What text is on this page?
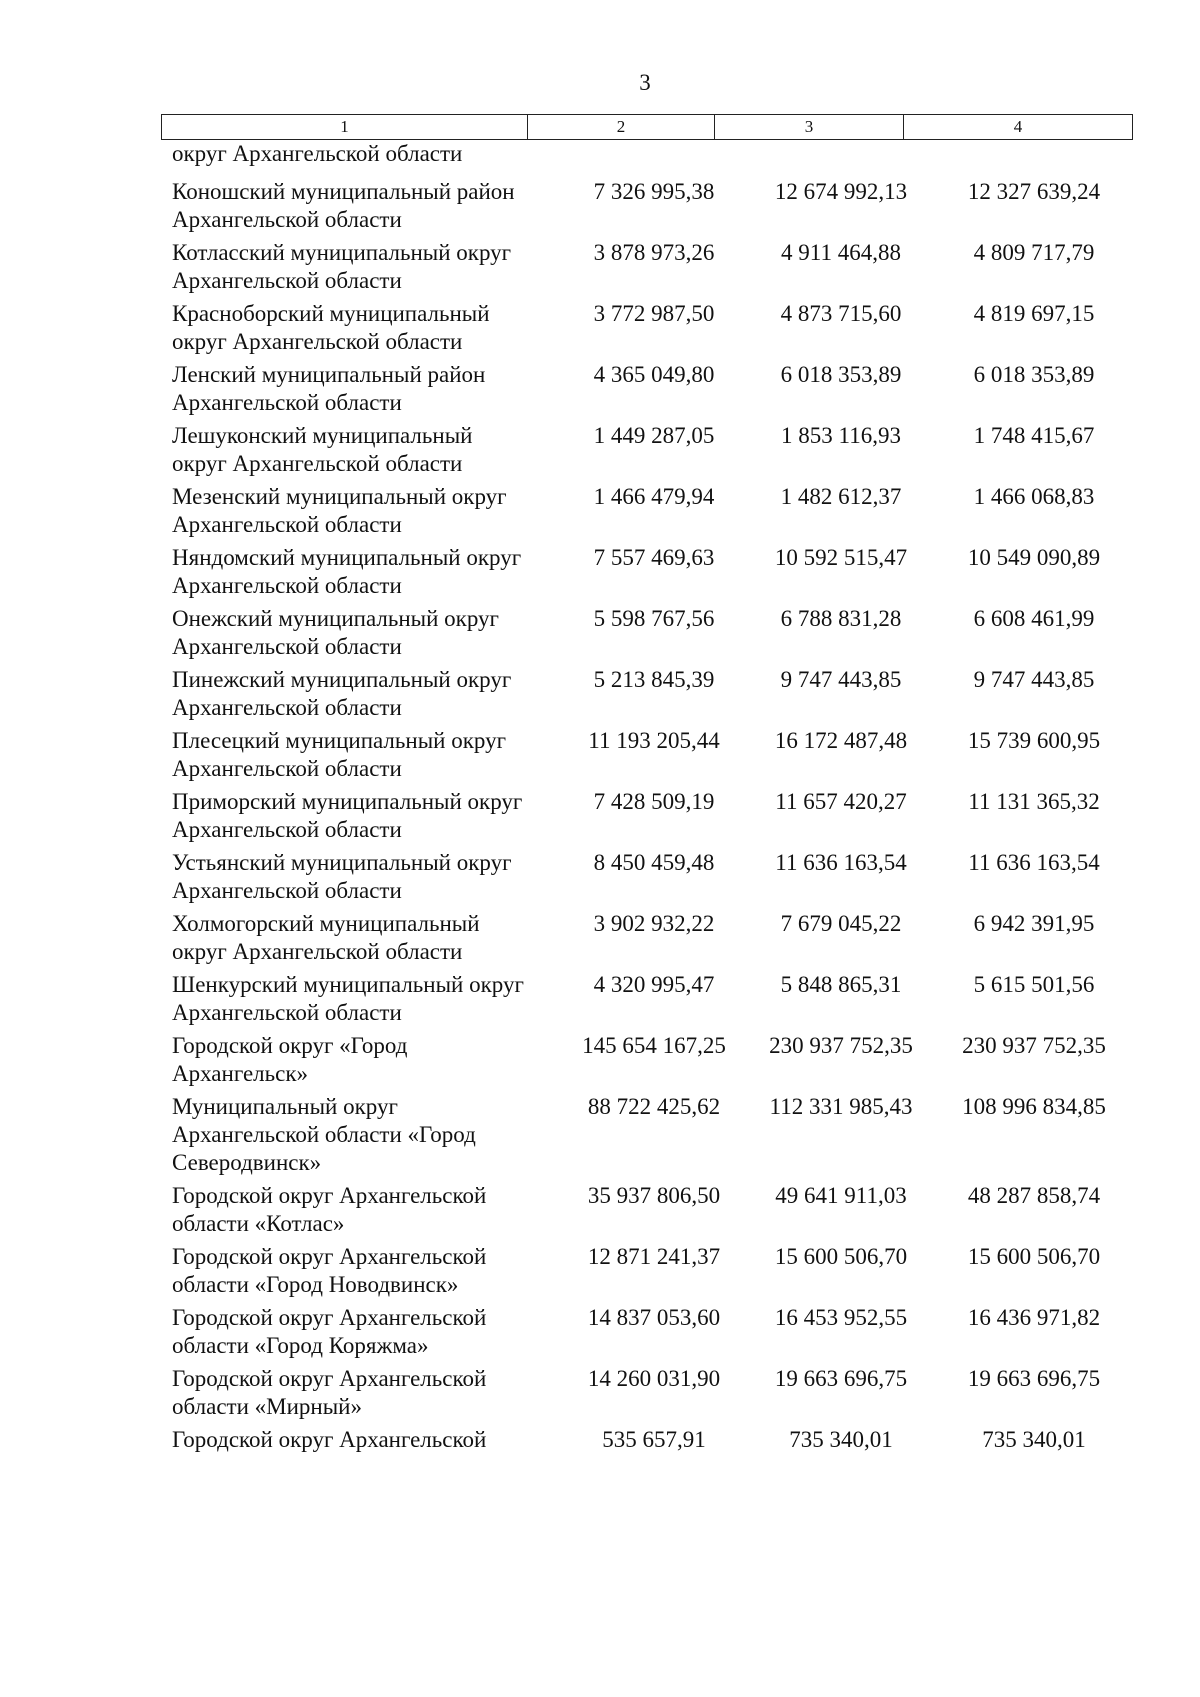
3
1	2	3	4
округ Архангельской области
Коношский муниципальный район
Архангельской области
7 326 995,38	12 674 992,13	12 327 639,24
Котласский муниципальный округ
Архангельской области
3 878 973,26	4 911 464,88	4 809 717,79
Красноборский муниципальный
округ Архангельской области
3 772 987,50	4 873 715,60	4 819 697,15
Ленский муниципальный район
Архангельской области
4 365 049,80	6 018 353,89	6 018 353,89
Лешуконский муниципальный
округ Архангельской области
1 449 287,05	1 853 116,93	1 748 415,67
Мезенский муниципальный округ
Архангельской области
1 466 479,94	1 482 612,37	1 466 068,83
Няндомский муниципальный округ
Архангельской области
7 557 469,63	10 592 515,47	10 549 090,89
Онежский муниципальный округ
Архангельской области
5 598 767,56	6 788 831,28	6 608 461,99
Пинежский муниципальный округ
Архангельской области
5 213 845,39	9 747 443,85	9 747 443,85
Плесецкий муниципальный округ
Архангельской области
11 193 205,44	16 172 487,48	15 739 600,95
Приморский муниципальный округ
Архангельской области
7 428 509,19	11 657 420,27	11 131 365,32
Устьянский муниципальный округ
Архангельской области
8 450 459,48	11 636 163,54	11 636 163,54
Холмогорский муниципальный
округ Архангельской области
3 902 932,22	7 679 045,22	6 942 391,95
Шенкурский муниципальный округ
Архангельской области
4 320 995,47	5 848 865,31	5 615 501,56
Городской округ «Город
Архангельск»
145 654 167,25	230 937 752,35	230 937 752,35
Муниципальный округ
Архангельской области «Город
Северодвинск»
88 722 425,62	112 331 985,43	108 996 834,85
Городской округ Архангельской
области «Котлас»
35 937 806,50	49 641 911,03	48 287 858,74
Городской округ Архангельской
области «Город Новодвинск»
12 871 241,37	15 600 506,70	15 600 506,70
Городской округ Архангельской
области «Город Коряжма»
14 837 053,60	16 453 952,55	16 436 971,82
Городской округ Архангельской
области «Мирный»
14 260 031,90	19 663 696,75	19 663 696,75
Городской округ Архангельской	535 657,91	735 340,01	735 340,01
